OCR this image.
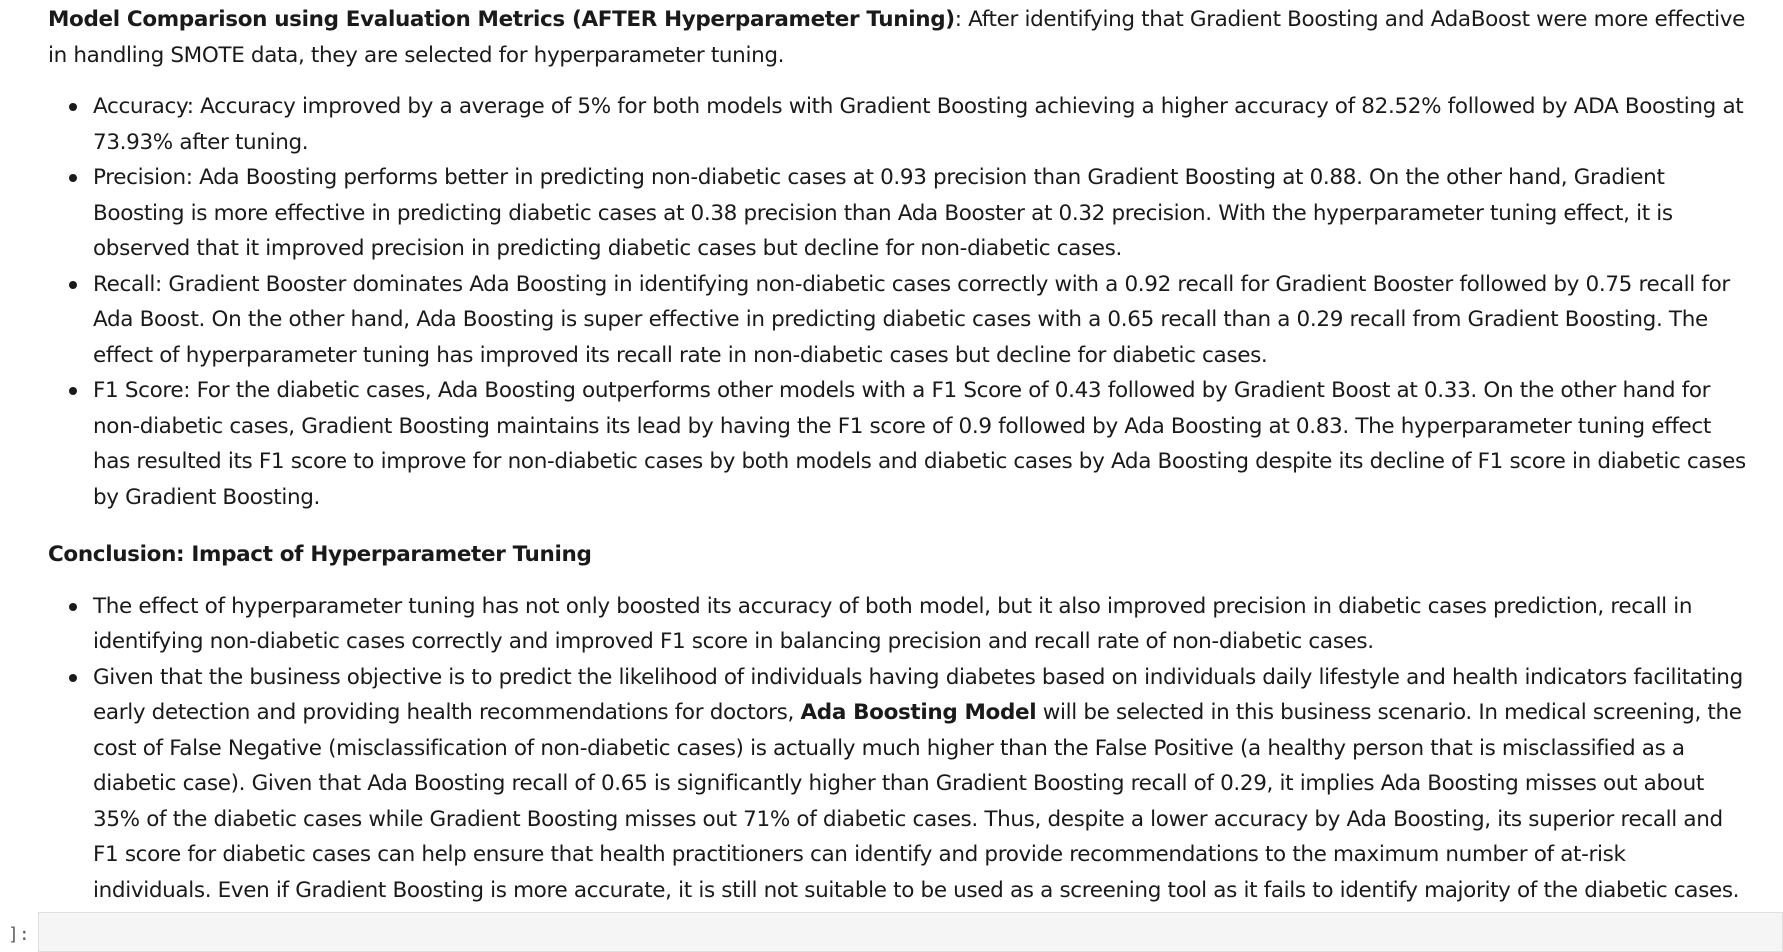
Model Comparison using Evaluation Metrics (AFTER Hyperparameter Tuning): After identifying that Gradient Boosting and AdaBoost were more effective in handling SMOTE data, they are selected for hyperparameter tuning.

Accuracy: Accuracy improved by a average of 5% for both models with Gradient Boosting achieving a higher accuracy of 82.52% followed by ADA Boosting at 73.93% after tuning.
Precision: Ada Boosting performs better in predicting non-diabetic cases at 0.93 precision than Gradient Boosting at 0.88. On the other hand, Gradient Boosting is more effective in predicting diabetic cases at 0.38 precision than Ada Booster at 0.32 precision. With the hyperparameter tuning effect, it is observed that it improved precision in predicting diabetic cases but decline for non-diabetic cases.
Recall: Gradient Booster dominates Ada Boosting in identifying non-diabetic cases correctly with a 0.92 recall for Gradient Booster followed by 0.75 recall for Ada Boost. On the other hand, Ada Boosting is super effective in predicting diabetic cases with a 0.65 recall than a 0.29 recall from Gradient Boosting. The effect of hyperparameter tuning has improved its recall rate in non-diabetic cases but decline for diabetic cases.
F1 Score: For the diabetic cases, Ada Boosting outperforms other models with a F1 Score of 0.43 followed by Gradient Boost at 0.33. On the other hand for non-diabetic cases, Gradient Boosting maintains its lead by having the F1 score of 0.9 followed by Ada Boosting at 0.83. The hyperparameter tuning effect has resulted its F1 score to improve for non-diabetic cases by both models and diabetic cases by Ada Boosting despite its decline of F1 score in diabetic cases by Gradient Boosting.

Conclusion: Impact of Hyperparameter Tuning

The effect of hyperparameter tuning has not only boosted its accuracy of both model, but it also improved precision in diabetic cases prediction, recall in identifying non-diabetic cases correctly and improved F1 score in balancing precision and recall rate of non-diabetic cases.
Given that the business objective is to predict the likelihood of individuals having diabetes based on individuals daily lifestyle and health indicators facilitating early detection and providing health recommendations for doctors, Ada Boosting Model will be selected in this business scenario. In medical screening, the cost of False Negative (misclassification of non-diabetic cases) is actually much higher than the False Positive (a healthy person that is misclassified as a diabetic case). Given that Ada Boosting recall of 0.65 is significantly higher than Gradient Boosting recall of 0.29, it implies Ada Boosting misses out about 35% of the diabetic cases while Gradient Boosting misses out 71% of diabetic cases. Thus, despite a lower accuracy by Ada Boosting, its superior recall and F1 score for diabetic cases can help ensure that health practitioners can identify and provide recommendations to the maximum number of at-risk individuals. Even if Gradient Boosting is more accurate, it is still not suitable to be used as a screening tool as it fails to identify majority of the diabetic cases.
]:
